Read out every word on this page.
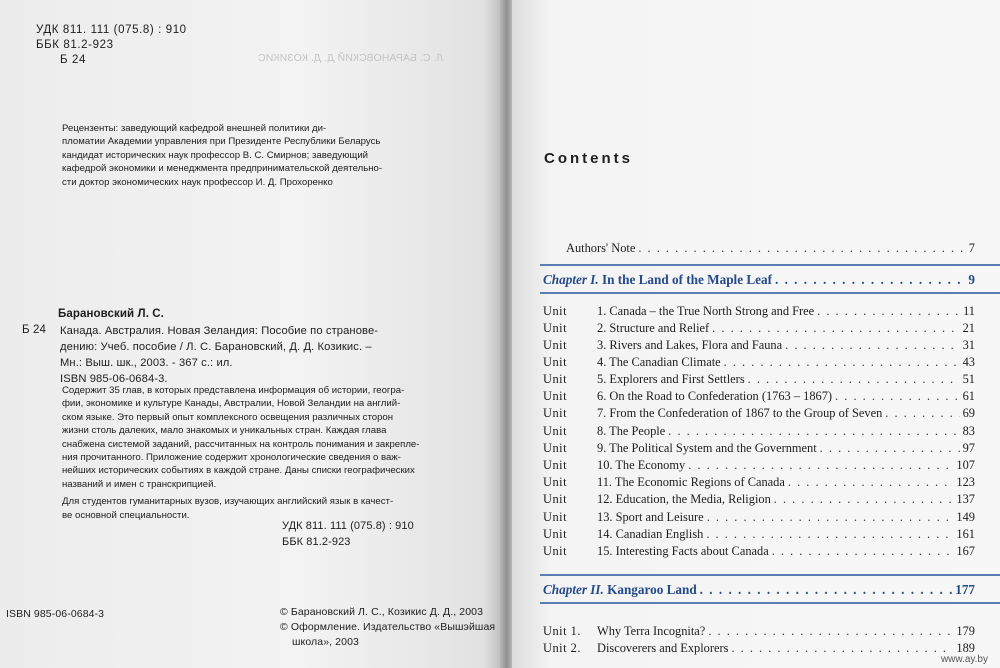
УДК 811. 111 (075.8) : 910
ББК 81.2-923
Б 24	Л. С. БАРАНОВСКИЙ Д. Д. КОЗИКИС
Рецензенты: заведующий кафедрой внешней политики ди-
пломатии Академии управления при Президенте Республики Беларусь
кандидат исторических наук профессор В. С. Смирнов; заведующий
кафедрой экономики и менеджмента предпринимательской деятельно-
сти доктор экономических наук профессор И. Д. Прохоренко
Барановский Л. С.
Б 24 Канада. Австралия. Новая Зеландия: Пособие по странове-
дению: Учеб. пособие / Л. С. Барановский, Д. Д. Козикис. –
Мн.: Выш. шк., 2003. - 367 с.: ил.
ISBN 985-06-0684-3.
Содержит 35 глав, в которых представлена информация об истории, геогра-
фии, экономике и культуре Канады, Австралии, Новой Зеландии на англий-
ском языке. Это первый опыт комплексного освещения различных сторон
жизни столь далеких, мало знакомых и уникальных стран. Каждая глава
снабжена системой заданий, рассчитанных на контроль понимания и закрепле-
ния прочитанного. Приложение содержит хронологические сведения о важ-
нейших исторических событиях в каждой стране. Даны списки географических
названий и имен с транскрипцией.
Для студентов гуманитарных вузов, изучающих английский язык в качест-
ве основной специальности.
УДК 811. 111 (075.8) : 910
ББК 81.2-923
ISBN 985-06-0684-3	© Барановский Л. С., Козикис Д. Д., 2003
© Оформление. Издательство «Вышэйшая
школа», 2003
Contents
Authors' Note . . .	7
Chapter I.
In the Land of the Maple Leaf . . .	9
Unit	1. Canada – the True North Strong and Free . . .	11
Unit	2. Structure and Relief . . .	21
Unit	3. Rivers and Lakes, Flora and Fauna . . .	31
Unit	4. The Canadian Climate . . .	43
Unit	5. Explorers and First Settlers . . .	51
Unit	6. On the Road to Confederation (1763 – 1867) . . .	61
Unit	7. From the Confederation of 1867 to the Group of Seven . . .	69
Unit	8. The People . . .	83
Unit	9. The Political System and the Government . . .	97
Unit	10. The Economy . . .	107
Unit	11. The Economic Regions of Canada . . .	123
Unit	12. Education, the Media, Religion . . .	137
Unit	13. Sport and Leisure . . .	149
Unit	14. Canadian English . . .	161
Unit	15. Interesting Facts about Canada . . .	167
Chapter II.
Kangaroo Land . . .	177
Unit 1.	Why Terra Incognita? . . .	179
Unit 2.	Discoverers and Explorers . . .	189
www.ay.by
